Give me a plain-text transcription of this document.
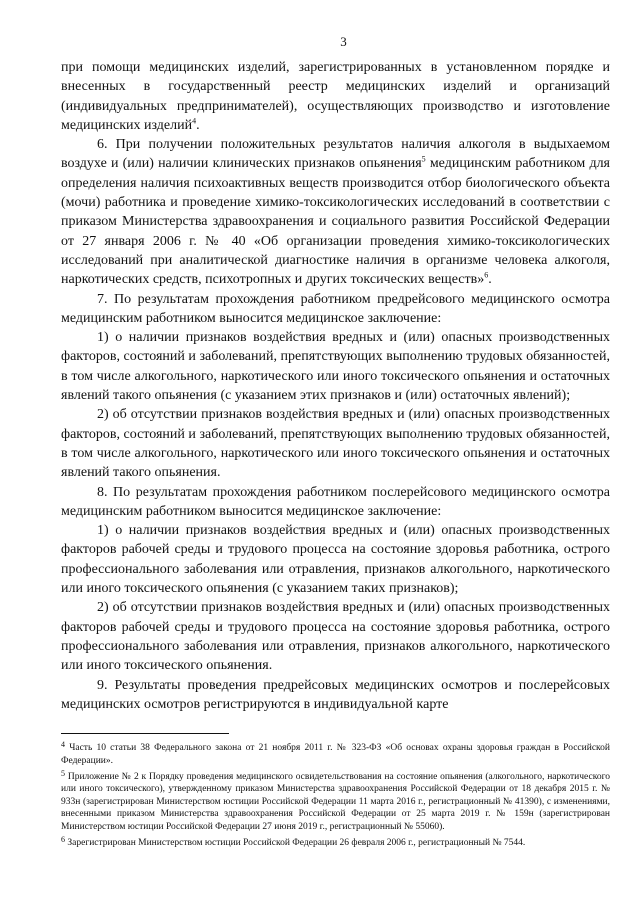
3

при помощи медицинских изделий, зарегистрированных в установленном порядке и внесенных в государственный реестр медицинских изделий и организаций (индивидуальных предпринимателей), осуществляющих производство и изготовление медицинских изделий$^4$.

6. При получении положительных результатов наличия алкоголя в выдыхаемом воздухе и (или) наличии клинических признаков опьянения$^5$ медицинским работником для определения наличия психоактивных веществ производится отбор биологического объекта (мочи) работника и проведение химико-токсикологических исследований в соответствии с приказом Министерства здравоохранения и социального развития Российской Федерации от 27 января 2006 г. № 40 «Об организации проведения химико-токсикологических исследований при аналитической диагностике наличия в организме человека алкоголя, наркотических средств, психотропных и других токсических веществ»$^6$.

7. По результатам прохождения работником предрейсового медицинского осмотра медицинским работником выносится медицинское заключение:

1) о наличии признаков воздействия вредных и (или) опасных производственных факторов, состояний и заболеваний, препятствующих выполнению трудовых обязанностей, в том числе алкогольного, наркотического или иного токсического опьянения и остаточных явлений такого опьянения (с указанием этих признаков и (или) остаточных явлений);

2) об отсутствии признаков воздействия вредных и (или) опасных производственных факторов, состояний и заболеваний, препятствующих выполнению трудовых обязанностей, в том числе алкогольного, наркотического или иного токсического опьянения и остаточных явлений такого опьянения.

8. По результатам прохождения работником послерейсового медицинского осмотра медицинским работником выносится медицинское заключение:

1) о наличии признаков воздействия вредных и (или) опасных производственных факторов рабочей среды и трудового процесса на состояние здоровья работника, острого профессионального заболевания или отравления, признаков алкогольного, наркотического или иного токсического опьянения (с указанием таких признаков);

2) об отсутствии признаков воздействия вредных и (или) опасных производственных факторов рабочей среды и трудового процесса на состояние здоровья работника, острого профессионального заболевания или отравления, признаков алкогольного, наркотического или иного токсического опьянения.

9. Результаты проведения предрейсовых медицинских осмотров и послерейсовых медицинских осмотров регистрируются в индивидуальной карте

$^4$ Часть 10 статьи 38 Федерального закона от 21 ноября 2011 г. № 323-ФЗ «Об основах охраны здоровья граждан в Российской Федерации».

$^5$ Приложение № 2 к Порядку проведения медицинского освидетельствования на состояние опьянения (алкогольного, наркотического или иного токсического), утвержденному приказом Министерства здравоохранения Российской Федерации от 18 декабря 2015 г. № 933н (зарегистрирован Министерством юстиции Российской Федерации 11 марта 2016 г., регистрационный № 41390), с изменениями, внесенными приказом Министерства здравоохранения Российской Федерации от 25 марта 2019 г. № 159н (зарегистрирован Министерством юстиции Российской Федерации 27 июня 2019 г., регистрационный № 55060).

$^6$ Зарегистрирован Министерством юстиции Российской Федерации 26 февраля 2006 г., регистрационный № 7544.
